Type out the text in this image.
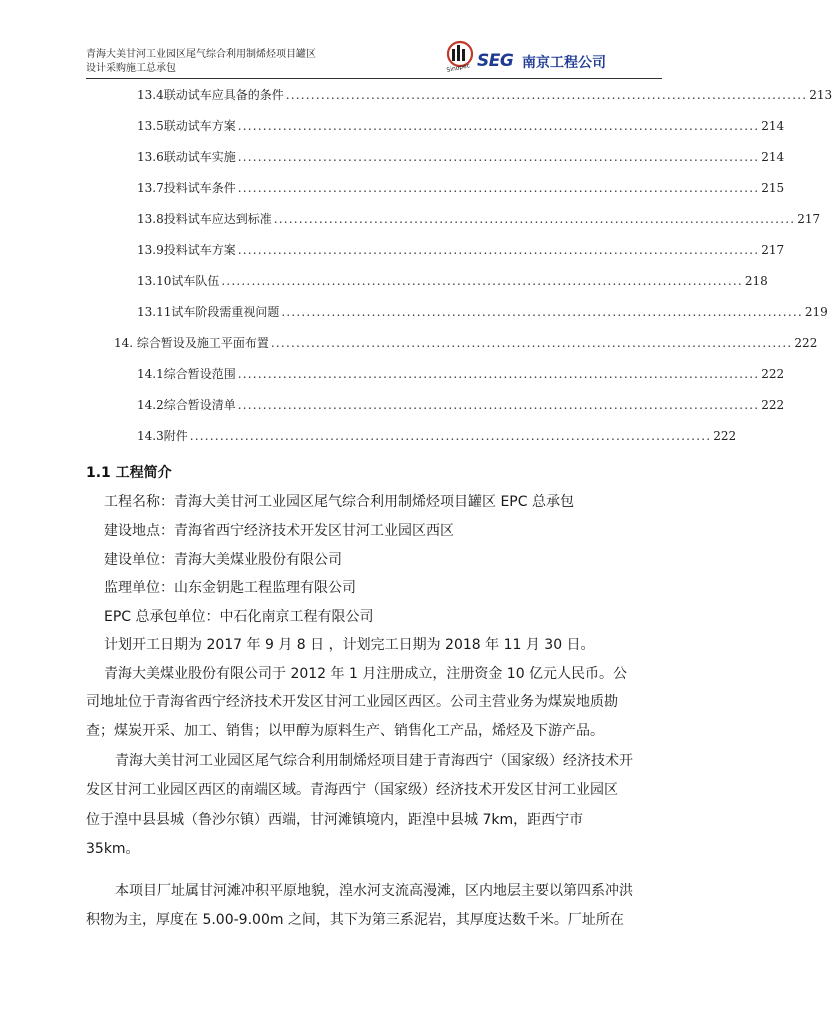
青海大美甘河工业园区尾气综合利用制烯烃项目罐区
设计采购施工总承包	Sinopec SEG 南京工程公司
13.4联动试车应具备的条件 ........................................................................................................ 213
13.5联动试车方案 ........................................................................................................ 214
13.6联动试车实施 ........................................................................................................ 214
13.7投料试车条件 ........................................................................................................ 215
13.8投料试车应达到标准 ........................................................................................................ 217
13.9投料试车方案 ........................................................................................................ 217
13.10试车队伍 ........................................................................................................ 218
13.11试车阶段需重视问题 ........................................................................................................ 219
14. 综合暂设及施工平面布置 ........................................................................................................ 222
14.1综合暂设范围 ........................................................................................................ 222
14.2综合暂设清单 ........................................................................................................ 222
14.3附件 ........................................................................................................ 222
1.1 工程简介
工程名称：青海大美甘河工业园区尾气综合利用制烯烃项目罐区 EPC 总承包
建设地点：青海省西宁经济技术开发区甘河工业园区西区
建设单位：青海大美煤业股份有限公司
监理单位：山东金钥匙工程监理有限公司
EPC 总承包单位：中石化南京工程有限公司
计划开工日期为 2017 年 9 月 8 日 ，计划完工日期为 2018 年 11 月 30 日。
青海大美煤业股份有限公司于 2012 年 1 月注册成立，注册资金 10 亿元人民币。公
司地址位于青海省西宁经济技术开发区甘河工业园区西区。公司主营业务为煤炭地质勘
查；煤炭开采、加工、销售；以甲醇为原料生产、销售化工产品，烯烃及下游产品。
青海大美甘河工业园区尾气综合利用制烯烃项目建于青海西宁（国家级）经济技术开
发区甘河工业园区西区的南端区域。青海西宁（国家级）经济技术开发区甘河工业园区
位于湟中县县城（鲁沙尔镇）西端，甘河滩镇境内，距湟中县城 7km，距西宁市
35km。
本项目厂址属甘河滩冲积平原地貌，湟水河支流高漫滩，区内地层主要以第四系冲洪
积物为主，厚度在 5.00-9.00m 之间，其下为第三系泥岩，其厚度达数千米。厂址所在
